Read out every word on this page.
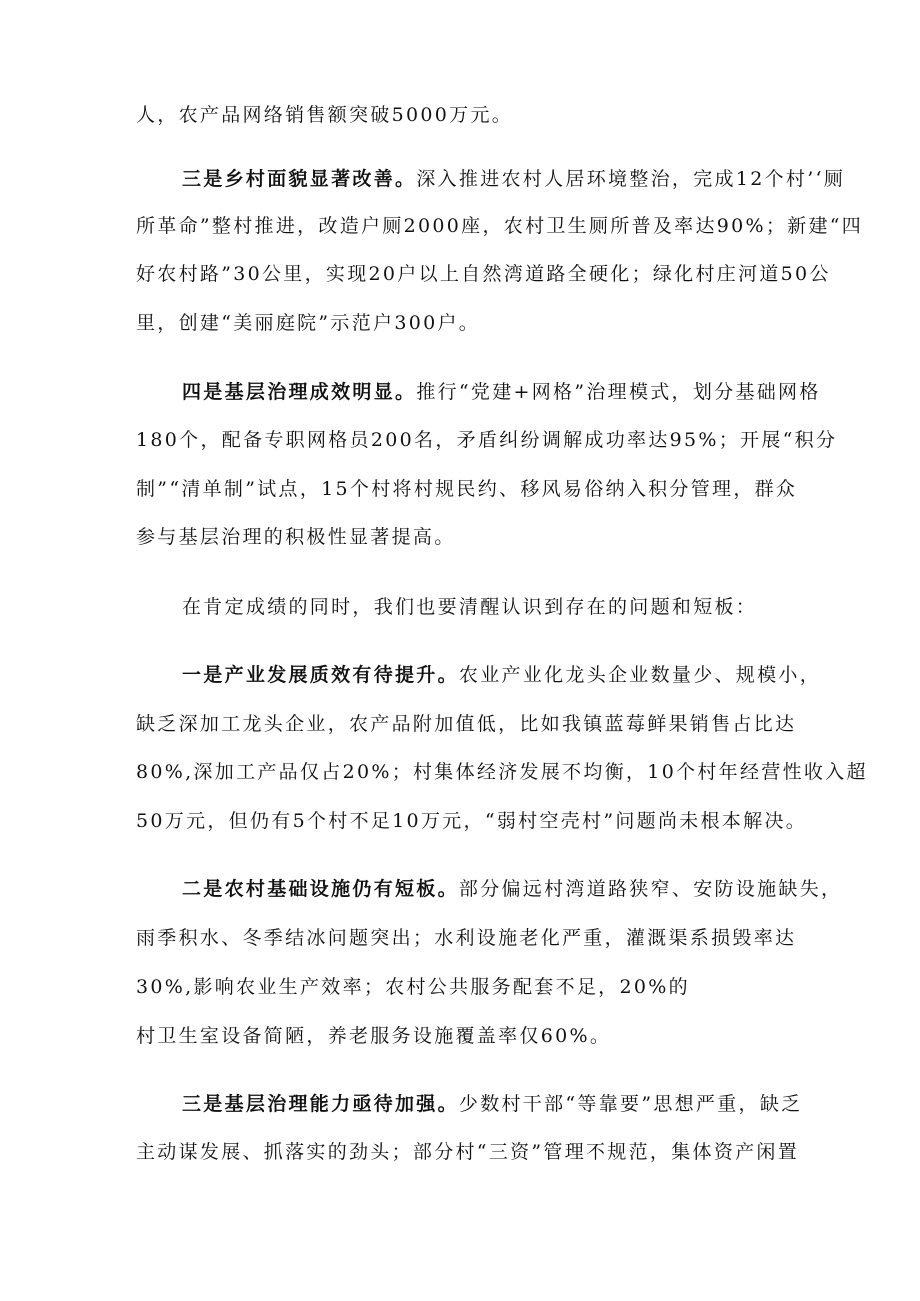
人，农产品网络销售额突破5000万元。

三是乡村面貌显著改善。深入推进农村人居环境整治，完成12个村’‘厕

所革命”整村推进，改造户厕2000座，农村卫生厕所普及率达90%；新建“四

好农村路”30公里，实现20户以上自然湾道路全硬化；绿化村庄河道50公

里，创建“美丽庭院”示范户300户。

四是基层治理成效明显。推行“党建+网格”治理模式，划分基础网格

180个，配备专职网格员200名，矛盾纠纷调解成功率达95%；开展“积分

制”“清单制”试点，15个村将村规民约、移风易俗纳入积分管理，群众

参与基层治理的积极性显著提高。

在肯定成绩的同时，我们也要清醒认识到存在的问题和短板：

一是产业发展质效有待提升。农业产业化龙头企业数量少、规模小，

缺乏深加工龙头企业，农产品附加值低，比如我镇蓝莓鲜果销售占比达

80%,深加工产品仅占20%；村集体经济发展不均衡，10个村年经营性收入超

50万元，但仍有5个村不足10万元，“弱村空壳村”问题尚未根本解决。

二是农村基础设施仍有短板。部分偏远村湾道路狭窄、安防设施缺失，

雨季积水、冬季结冰问题突出；水利设施老化严重，灌溉渠系损毁率达

30%,影响农业生产效率；农村公共服务配套不足，20%的

村卫生室设备简陋，养老服务设施覆盖率仅60%。

三是基层治理能力亟待加强。少数村干部“等靠要”思想严重，缺乏

主动谋发展、抓落实的劲头；部分村“三资”管理不规范，集体资产闲置
